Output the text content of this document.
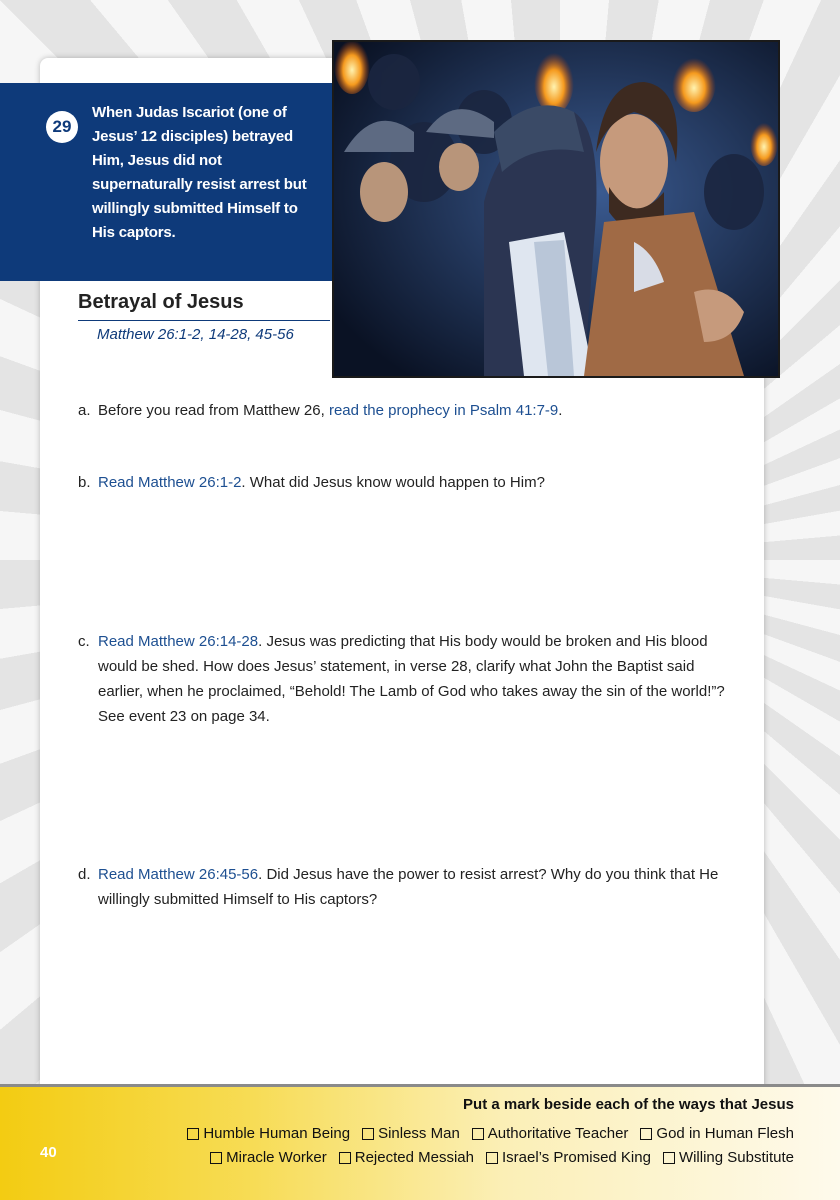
29
When Judas Iscariot (one of Jesus’ 12 disciples) betrayed Him, Jesus did not supernaturally resist arrest but willingly submitted Himself to His captors.
Betrayal of Jesus
Matthew 26:1-2, 14-28, 45-56
a. Before you read from Matthew 26, read the prophecy in Psalm 41:7-9.
b. Read Matthew 26:1-2. What did Jesus know would happen to Him?
c. Read Matthew 26:14-28. Jesus was predicting that His body would be broken and His blood would be shed. How does Jesus’ statement, in verse 28, clarify what John the Baptist said earlier, when he proclaimed, “Behold! The Lamb of God who takes away the sin of the world!”? See event 23 on page 34.
d. Read Matthew 26:45-56. Did Jesus have the power to resist arrest? Why do you think that He willingly submitted Himself to His captors?
40
Put a mark beside each of the ways that Jesus
Humble Human Being Sinless Man Authoritative Teacher God in Human Flesh
Miracle Worker Rejected Messiah Israel’s Promised King Willing Substitute
